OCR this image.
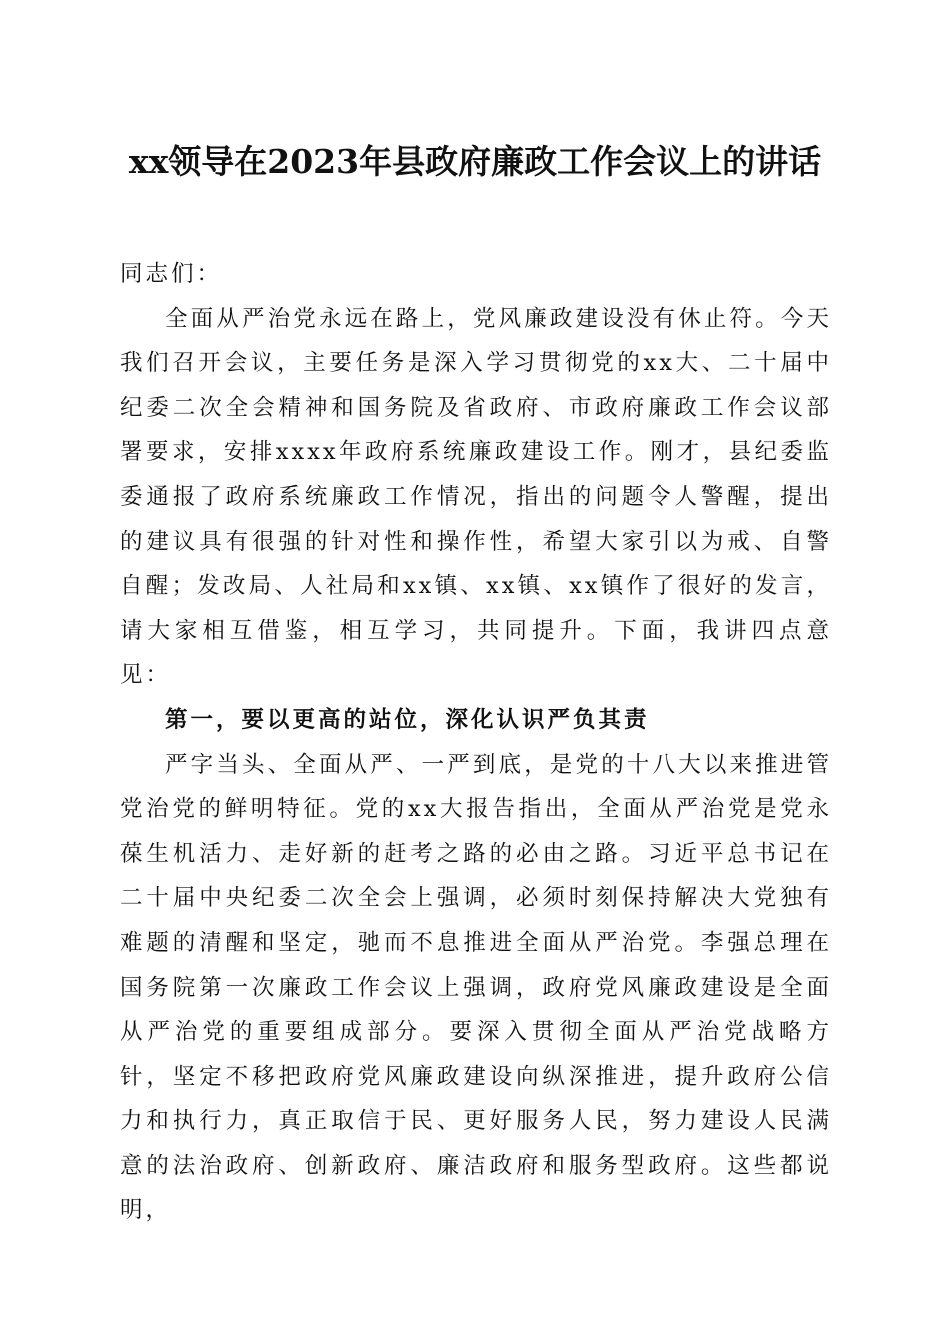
xx领导在2023年县政府廉政工作会议上的讲话

同志们：

全面从严治党永远在路上，党风廉政建设没有休止符。今天我们召开会议，主要任务是深入学习贯彻党的xx大、二十届中纪委二次全会精神和国务院及省政府、市政府廉政工作会议部署要求，安排xxxx年政府系统廉政建设工作。刚才，县纪委监委通报了政府系统廉政工作情况，指出的问题令人警醒，提出的建议具有很强的针对性和操作性，希望大家引以为戒、自警自醒；发改局、人社局和xx镇、xx镇、xx镇作了很好的发言，请大家相互借鉴，相互学习，共同提升。下面，我讲四点意见：

第一，要以更高的站位，深化认识严负其责

严字当头、全面从严、一严到底，是党的十八大以来推进管党治党的鲜明特征。党的xx大报告指出，全面从严治党是党永葆生机活力、走好新的赶考之路的必由之路。习近平总书记在二十届中央纪委二次全会上强调，必须时刻保持解决大党独有难题的清醒和坚定，驰而不息推进全面从严治党。李强总理在国务院第一次廉政工作会议上强调，政府党风廉政建设是全面从严治党的重要组成部分。要深入贯彻全面从严治党战略方针，坚定不移把政府党风廉政建设向纵深推进，提升政府公信力和执行力，真正取信于民、更好服务人民，努力建设人民满意的法治政府、创新政府、廉洁政府和服务型政府。这些都说明，
